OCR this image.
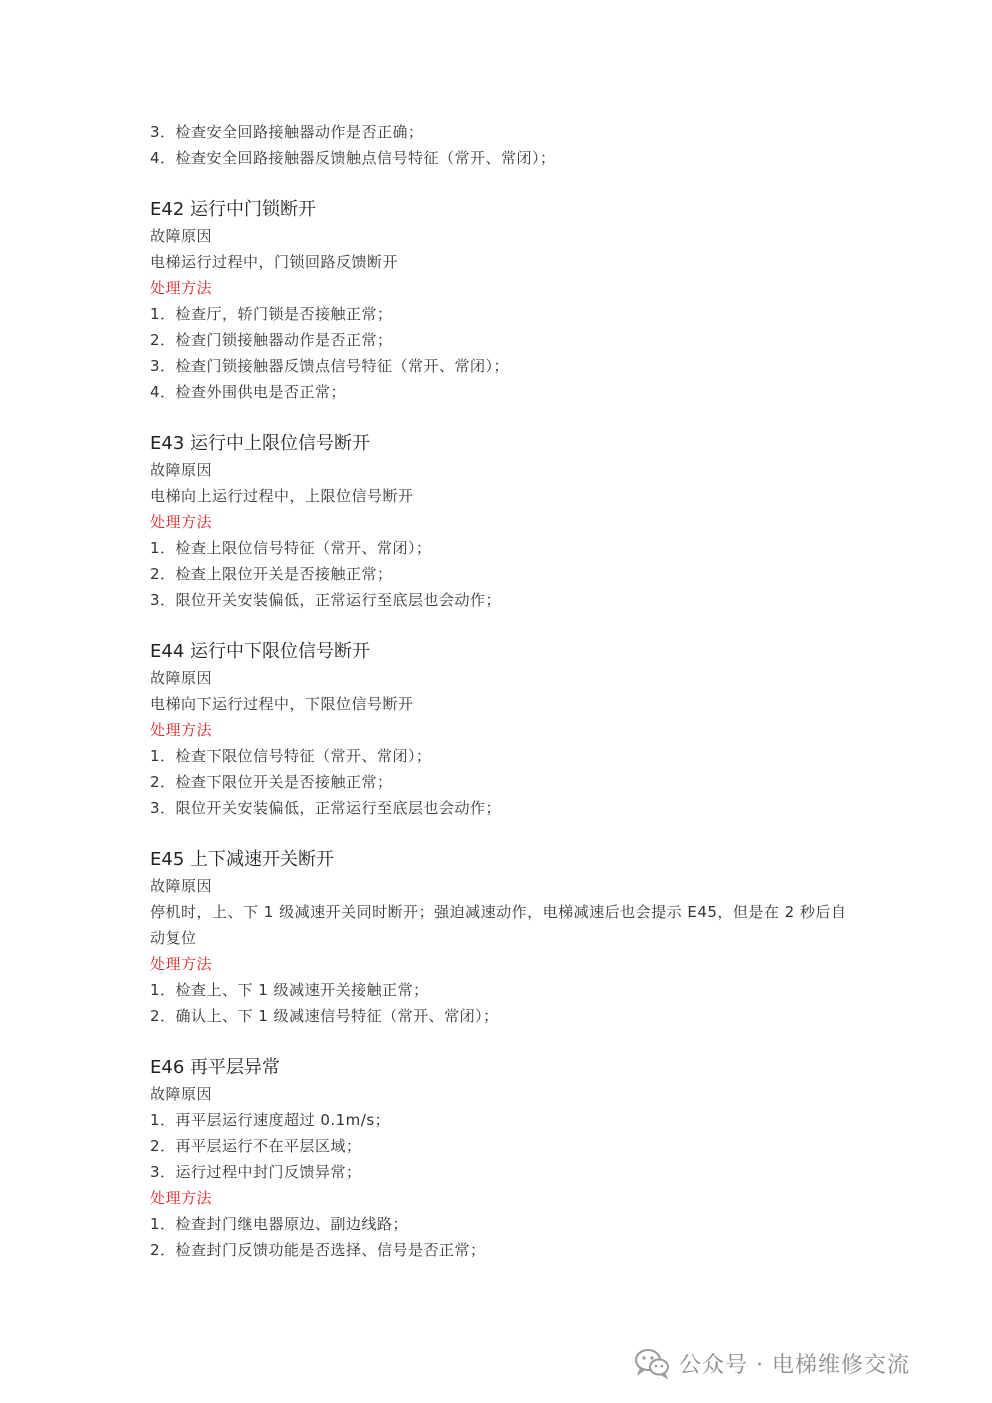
3．检查安全回路接触器动作是否正确；
4．检查安全回路接触器反馈触点信号特征（常开、常闭）；
E42 运行中门锁断开
故障原因
电梯运行过程中，门锁回路反馈断开
处理方法
1．检查厅，轿门锁是否接触正常；
2．检查门锁接触器动作是否正常；
3．检查门锁接触器反馈点信号特征（常开、常闭）；
4．检查外围供电是否正常；
E43 运行中上限位信号断开
故障原因
电梯向上运行过程中，上限位信号断开
处理方法
1．检查上限位信号特征（常开、常闭）；
2．检查上限位开关是否接触正常；
3．限位开关安装偏低，正常运行至底层也会动作；
E44 运行中下限位信号断开
故障原因
电梯向下运行过程中，下限位信号断开
处理方法
1．检查下限位信号特征（常开、常闭）；
2．检查下限位开关是否接触正常；
3．限位开关安装偏低，正常运行至底层也会动作；
E45 上下减速开关断开
故障原因
停机时，上、下 1 级减速开关同时断开；强迫减速动作，电梯减速后也会提示 E45，但是在 2 秒后自动复位
处理方法
1．检查上、下 1 级减速开关接触正常；
2．确认上、下 1 级减速信号特征（常开、常闭）；
E46 再平层异常
故障原因
1．再平层运行速度超过 0.1m/s；
2．再平层运行不在平层区域；
3．运行过程中封门反馈异常；
处理方法
1．检查封门继电器原边、副边线路；
2．检查封门反馈功能是否选择、信号是否正常；
公众号 · 电梯维修交流
